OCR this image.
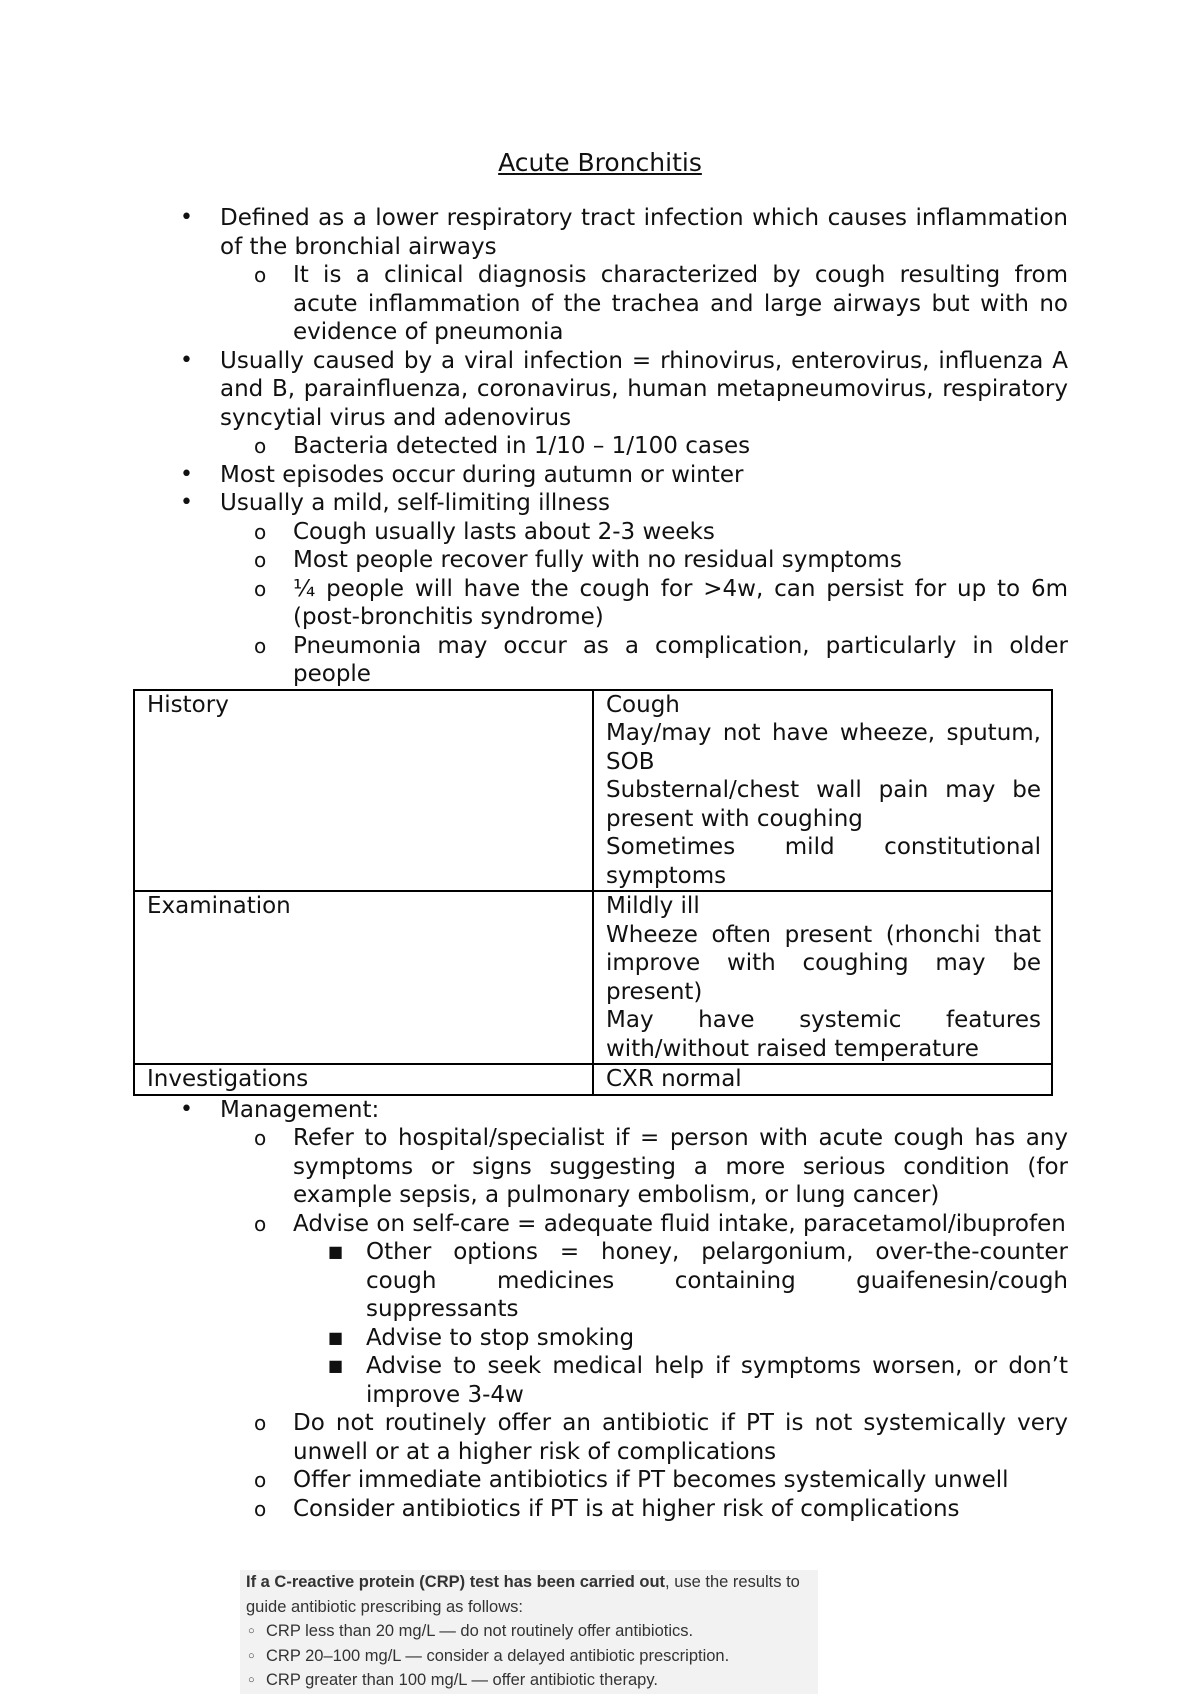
Acute Bronchitis
• Defined as a lower respiratory tract infection which causes inflammation of the bronchial airways
o It is a clinical diagnosis characterized by cough resulting from acute inflammation of the trachea and large airways but with no evidence of pneumonia
• Usually caused by a viral infection = rhinovirus, enterovirus, influenza A and B, parainfluenza, coronavirus, human metapneumovirus, respiratory syncytial virus and adenovirus
o Bacteria detected in 1/10 – 1/100 cases
• Most episodes occur during autumn or winter
• Usually a mild, self-limiting illness
o Cough usually lasts about 2-3 weeks
o Most people recover fully with no residual symptoms
o ¼ people will have the cough for >4w, can persist for up to 6m (post-bronchitis syndrome)
o Pneumonia may occur as a complication, particularly in older people
History	Cough
May/may not have wheeze, sputum, SOB
Substernal/chest wall pain may be present with coughing
Sometimes mild constitutional symptoms

Examination	Mildly ill
Wheeze often present (rhonchi that improve with coughing may be present)
May have systemic features with/without raised temperature

Investigations	CXR normal
• Management:
o Refer to hospital/specialist if = person with acute cough has any symptoms or signs suggesting a more serious condition (for example sepsis, a pulmonary embolism, or lung cancer)
o Advise on self-care = adequate fluid intake, paracetamol/ibuprofen
■ Other options = honey, pelargonium, over-the-counter cough medicines containing guaifenesin/cough suppressants
■ Advise to stop smoking
■ Advise to seek medical help if symptoms worsen, or don’t improve 3-4w
o Do not routinely offer an antibiotic if PT is not systemically very unwell or at a higher risk of complications
o Offer immediate antibiotics if PT becomes systemically unwell
o Consider antibiotics if PT is at higher risk of complications
If a C-reactive protein (CRP) test has been carried out, use the results to guide antibiotic prescribing as follows:
○ CRP less than 20 mg/L — do not routinely offer antibiotics.
○ CRP 20–100 mg/L — consider a delayed antibiotic prescription.
○ CRP greater than 100 mg/L — offer antibiotic therapy.
